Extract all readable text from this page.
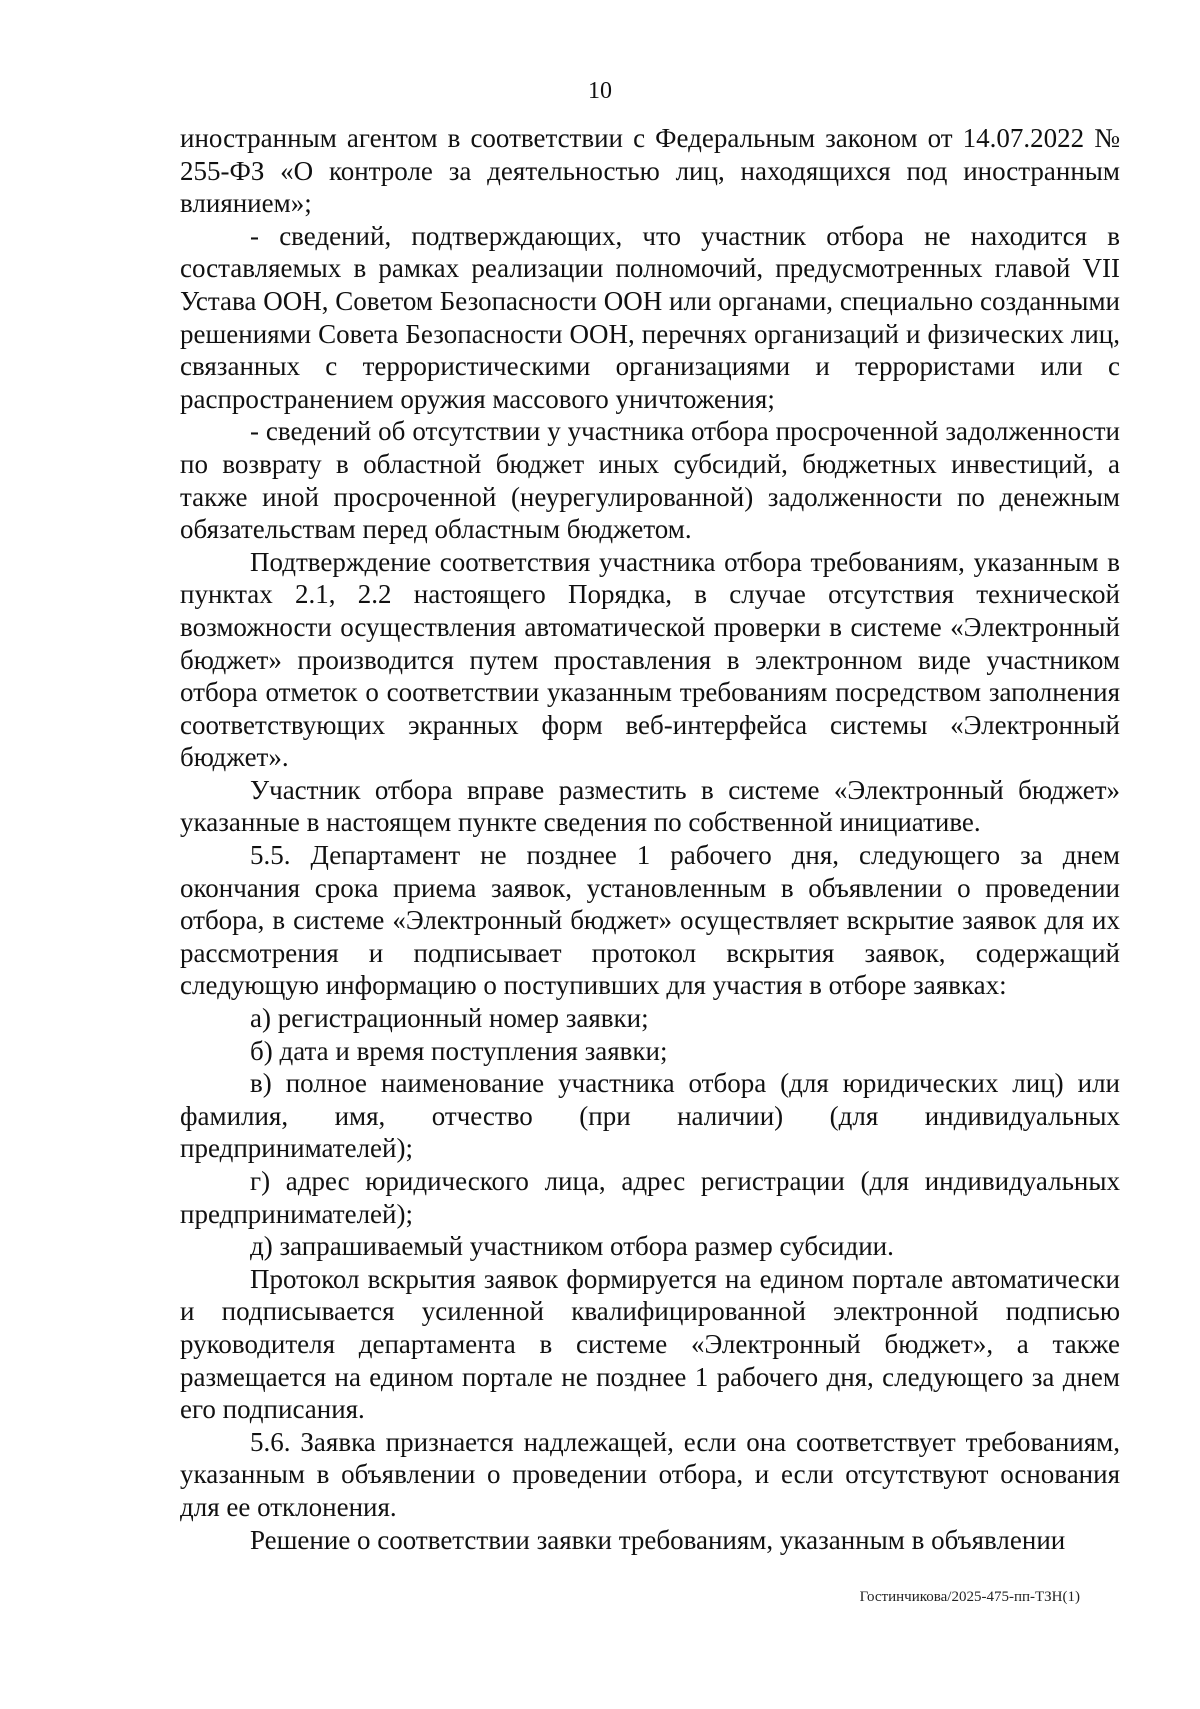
10

иностранным агентом в соответствии с Федеральным законом от 14.07.2022 № 255-ФЗ «О контроле за деятельностью лиц, находящихся под иностранным влиянием»;

- сведений, подтверждающих, что участник отбора не находится в составляемых в рамках реализации полномочий, предусмотренных главой VII Устава ООН, Советом Безопасности ООН или органами, специально созданными решениями Совета Безопасности ООН, перечнях организаций и физических лиц, связанных с террористическими организациями и террористами или с распространением оружия массового уничтожения;

- сведений об отсутствии у участника отбора просроченной задолженности по возврату в областной бюджет иных субсидий, бюджетных инвестиций, а также иной просроченной (неурегулированной) задолженности по денежным обязательствам перед областным бюджетом.

Подтверждение соответствия участника отбора требованиям, указанным в пунктах 2.1, 2.2 настоящего Порядка, в случае отсутствия технической возможности осуществления автоматической проверки в системе «Электронный бюджет» производится путем проставления в электронном виде участником отбора отметок о соответствии указанным требованиям посредством заполнения соответствующих экранных форм веб-интерфейса системы «Электронный бюджет».

Участник отбора вправе разместить в системе «Электронный бюджет» указанные в настоящем пункте сведения по собственной инициативе.

5.5. Департамент не позднее 1 рабочего дня, следующего за днем окончания срока приема заявок, установленным в объявлении о проведении отбора, в системе «Электронный бюджет» осуществляет вскрытие заявок для их рассмотрения и подписывает протокол вскрытия заявок, содержащий следующую информацию о поступивших для участия в отборе заявках:

а) регистрационный номер заявки;

б) дата и время поступления заявки;

в) полное наименование участника отбора (для юридических лиц) или фамилия, имя, отчество (при наличии) (для индивидуальных предпринимателей);

г) адрес юридического лица, адрес регистрации (для индивидуальных предпринимателей);

д) запрашиваемый участником отбора размер субсидии.

Протокол вскрытия заявок формируется на едином портале автоматически и подписывается усиленной квалифицированной электронной подписью руководителя департамента в системе «Электронный бюджет», а также размещается на едином портале не позднее 1 рабочего дня, следующего за днем его подписания.

5.6. Заявка признается надлежащей, если она соответствует требованиям, указанным в объявлении о проведении отбора, и если отсутствуют основания для ее отклонения.

Решение о соответствии заявки требованиям, указанным в объявлении

Гостинчикова/2025-475-пп-ТЗН(1)
